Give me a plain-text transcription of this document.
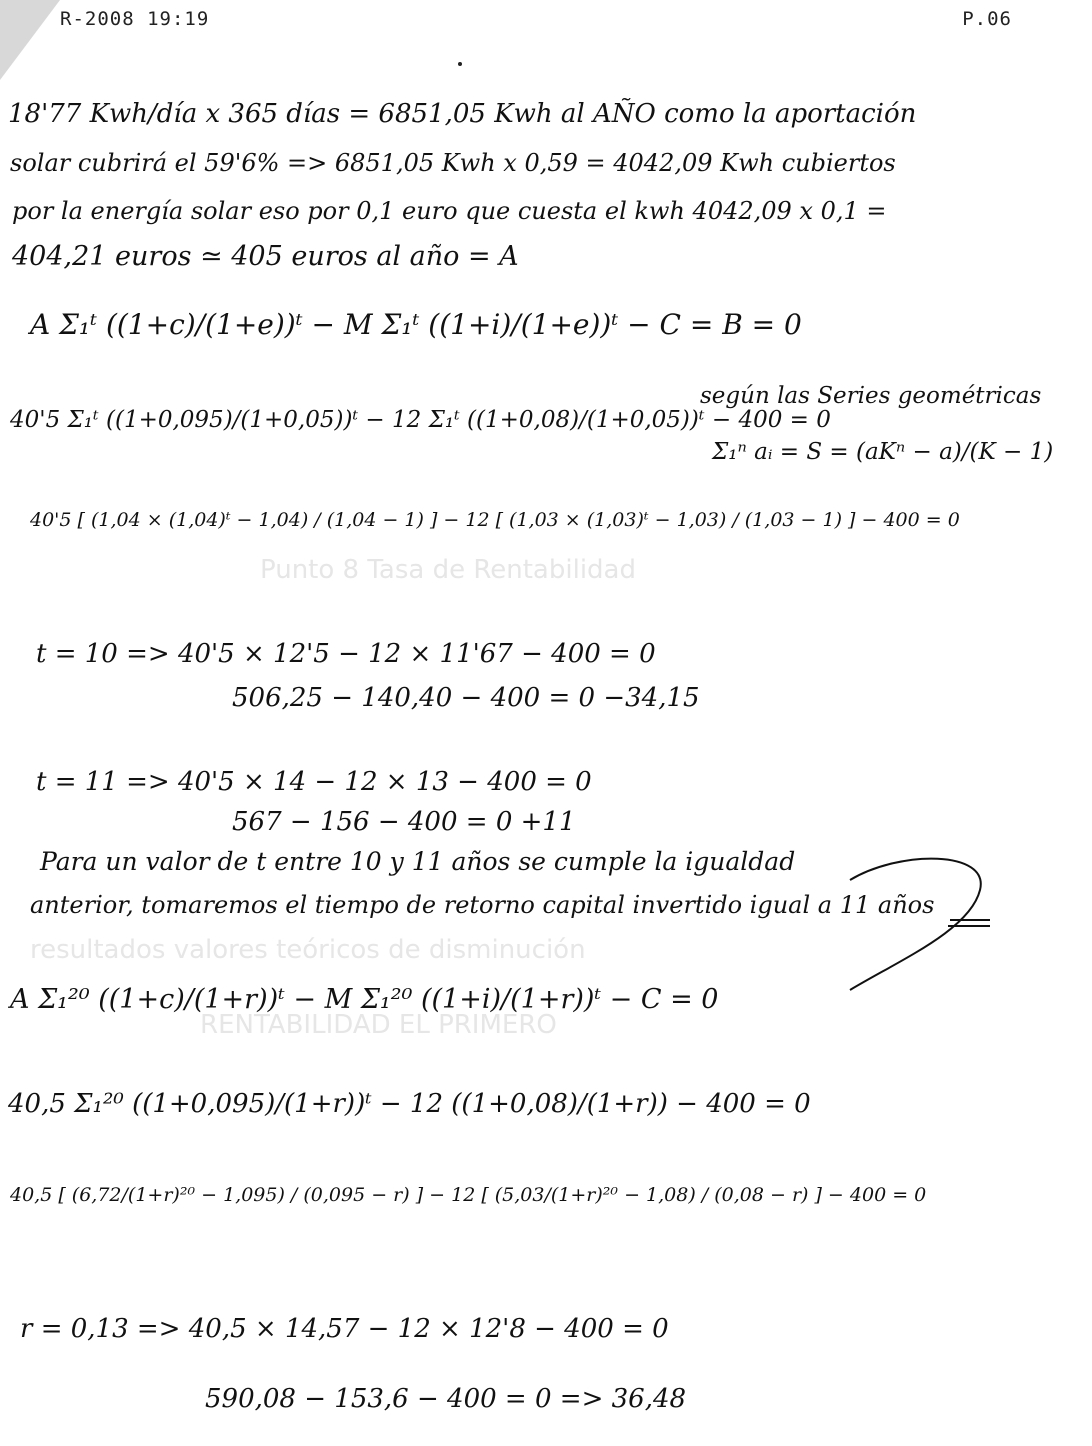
R-2008 19:19	P.06
Punto 8 Tasa de Rentabilidad
resultados valores teóricos de disminución
RENTABILIDAD EL PRIMERO
18'77 Kwh/día x 365 días = 6851,05 Kwh al AÑO como la aportación
solar cubrirá el 59'6% => 6851,05 Kwh x 0,59 = 4042,09 Kwh cubiertos
por la energía solar eso por 0,1 euro que cuesta el kwh 4042,09 x 0,1 =
404,21 euros ≃ 405 euros al año = A
A Σ₁ᵗ ((1+c)/(1+e))ᵗ − M Σ₁ᵗ ((1+i)/(1+e))ᵗ − C = B = 0
40'5 Σ₁ᵗ ((1+0,095)/(1+0,05))ᵗ − 12 Σ₁ᵗ ((1+0,08)/(1+0,05))ᵗ − 400 = 0
según las Series geométricas
Σ₁ⁿ aᵢ = S = (aKⁿ − a)/(K − 1)
40'5 [ (1,04 × (1,04)ᵗ − 1,04) / (1,04 − 1) ] − 12 [ (1,03 × (1,03)ᵗ − 1,03) / (1,03 − 1) ] − 400 = 0
t = 10 => 40'5 × 12'5 − 12 × 11'67 − 400 = 0
506,25 − 140,40 − 400 = 0 −34,15
t = 11 => 40'5 × 14 − 12 × 13 − 400 = 0
567 − 156 − 400 = 0 +11
Para un valor de t entre 10 y 11 años se cumple la igualdad
anterior, tomaremos el tiempo de retorno capital invertido igual a 11 años
A Σ₁²⁰ ((1+c)/(1+r))ᵗ − M Σ₁²⁰ ((1+i)/(1+r))ᵗ − C = 0
40,5 Σ₁²⁰ ((1+0,095)/(1+r))ᵗ − 12 ((1+0,08)/(1+r)) − 400 = 0
40,5 [ (6,72/(1+r)²⁰ − 1,095) / (0,095 − r) ] − 12 [ (5,03/(1+r)²⁰ − 1,08) / (0,08 − r) ] − 400 = 0
r = 0,13 => 40,5 × 14,57 − 12 × 12'8 − 400 = 0
590,08 − 153,6 − 400 = 0 => 36,48
